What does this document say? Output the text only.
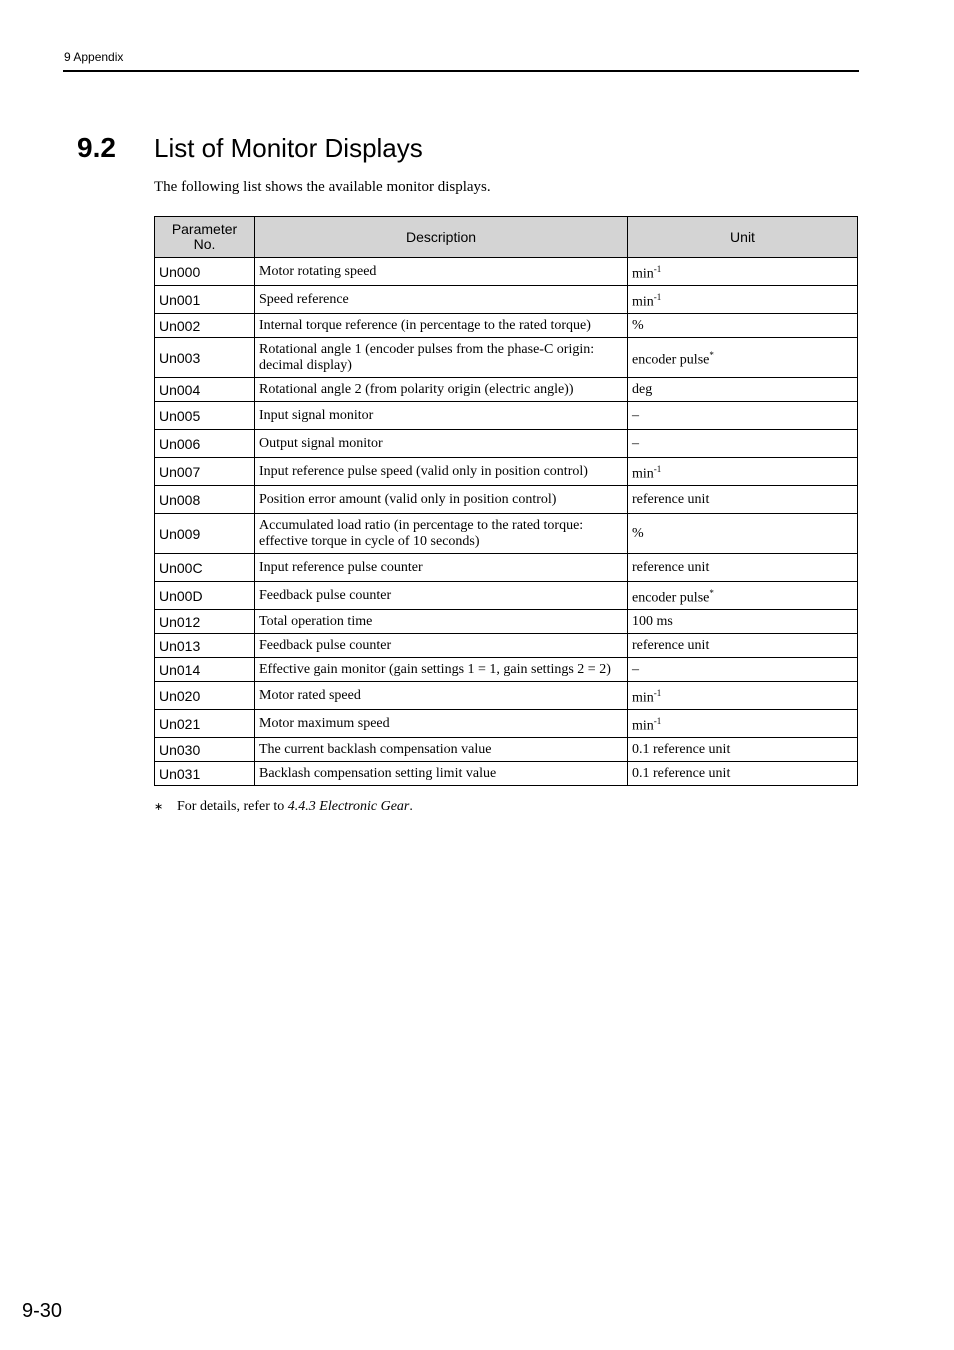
9 Appendix
9.2 List of Monitor Displays
The following list shows the available monitor displays.
Parameter No.	Description	Unit
Un000	Motor rotating speed	$\min^{-1}$
Un001	Speed reference	$\min^{-1}$
Un002	Internal torque reference (in percentage to the rated torque)	%
Un003	Rotational angle 1 (encoder pulses from the phase-C origin: decimal display)	encoder pulse*
Un004	Rotational angle 2 (from polarity origin (electric angle))	deg
Un005	Input signal monitor	–
Un006	Output signal monitor	–
Un007	Input reference pulse speed (valid only in position control)	$\min^{-1}$
Un008	Position error amount (valid only in position control)	reference unit
Un009	Accumulated load ratio (in percentage to the rated torque: effective torque in cycle of 10 seconds)	%
Un00C	Input reference pulse counter	reference unit
Un00D	Feedback pulse counter	encoder pulse*
Un012	Total operation time	100 ms
Un013	Feedback pulse counter	reference unit
Un014	Effective gain monitor (gain settings 1 = 1, gain settings 2 = 2)	–
Un020	Motor rated speed	$\min^{-1}$
Un021	Motor maximum speed	$\min^{-1}$
Un030	The current backlash compensation value	0.1 reference unit
Un031	Backlash compensation setting limit value	0.1 reference unit
∗ For details, refer to 4.4.3 Electronic Gear.
9-30
